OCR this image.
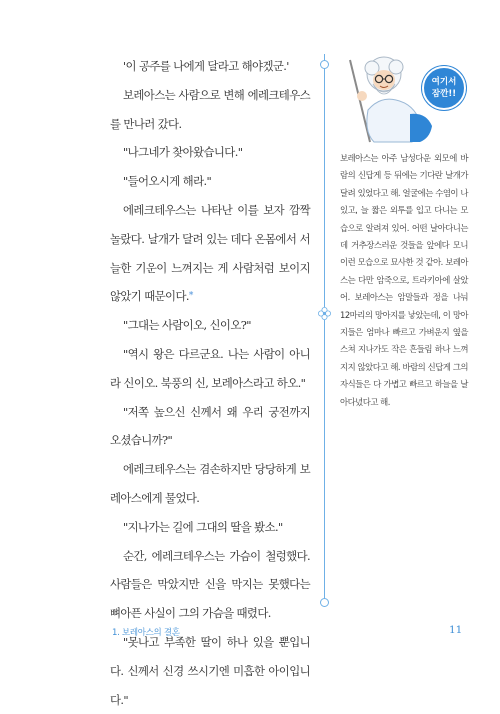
'이 공주를 나에게 달라고 해야겠군.'

보레아스는 사람으로 변해 에레크테우스를 만나러 갔다.

"나그네가 찾아왔습니다."

"들어오시게 해라."

에레크테우스는 나타난 이를 보자 깜짝 놀랐다. 날개가 달려 있는 데다 온몸에서 서늘한 기운이 느껴지는 게 사람처럼 보이지 않았기 때문이다.*

"그대는 사람이오, 신이오?"

"역시 왕은 다르군요. 나는 사람이 아니라 신이오. 북풍의 신, 보레아스라고 하오."

"저쪽 높으신 신께서 왜 우리 궁전까지 오셨습니까?"

에레크테우스는 겸손하지만 당당하게 보레아스에게 물었다.

"지나가는 길에 그대의 딸을 봤소."

순간, 에레크테우스는 가슴이 철렁했다. 사람들은 막았지만 신을 막지는 못했다는 뼈아픈 사실이 그의 가슴을 때렸다.

"못나고 부족한 딸이 하나 있을 뿐입니다. 신께서 신경 쓰시기엔 미흡한 아이입니다."

여기서
잠깐!!
보레아스는 아주 남성다운 외모에 바람의 신답게 등 뒤에는 기다란 날개가 달려 있었다고 해. 얼굴에는 수염이 나 있고, 늘 짧은 외투를 입고 다니는 모습으로 알려져 있어. 어떤 날아다니는 데 거추장스러운 것들을 앞에다 모니 이런 모습으로 묘사한 것 같아. 보레아스는 다만 암죽으로, 트라키아에 살았어. 보레아스는 암말들과 정을 나눠 12마리의 망아지를 낳았는데, 이 망아지들은 엄마나 빠르고 가벼운지 옆을 스쳐 지나가도 작은 흔들림 하나 느껴지지 않았다고 해. 바람의 신답게 그의 자식들은 다 가볍고 빠르고 하늘을 날아다녔다고 해.
1. 보레아스의 결혼	11
